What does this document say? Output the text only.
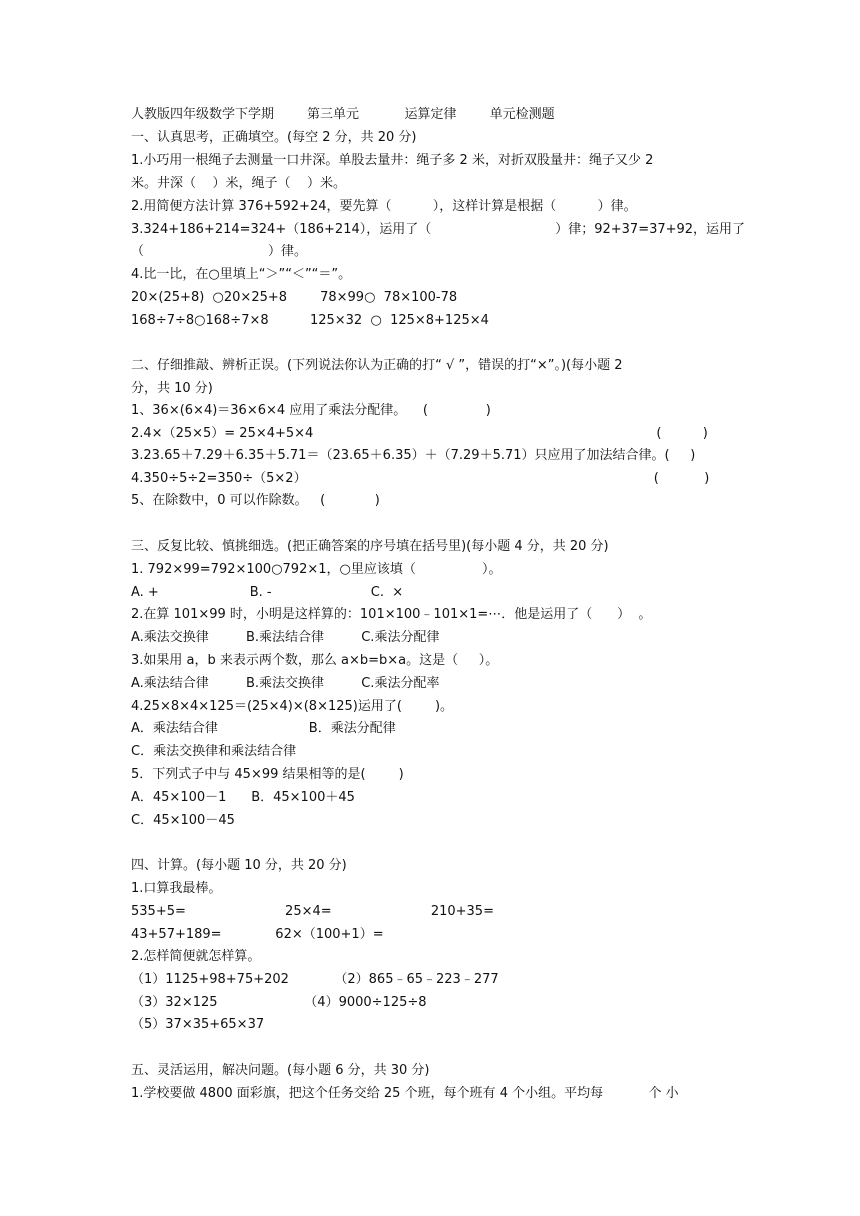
人教版四年级数学下学期        第三单元           运算定律        单元检测题
一、认真思考，正确填空。(每空 2 分，共 20 分)
1.小巧用一根绳子去测量一口井深。单股去量井：绳子多 2 米，对折双股量井：绳子又少 2
米。井深（    ）米，绳子（    ）米。
2.用简便方法计算 376+592+24，要先算（          ），这样计算是根据（          ）律。
3.324+186+214=324+（186+214），运用了（                              ）律；92+37=37+92，运用了
（                              ）律。
4.比一比，在○里填上“＞”“＜”“＝”。
20×(25+8)  ○20×25+8        78×99○  78×100-78
168÷7÷8○168÷7×8          125×32  ○  125×8+125×4
二、仔细推敲、辨析正误。(下列说法你认为正确的打“ √ ”，错误的打“×”。)(每小题 2
分，共 10 分)
1、36×(6×4)＝36×6×4 应用了乘法分配律。    (              )
2.4×（25×5）= 25×4+5×4                                                                                   (          )
3.23.65＋7.29＋6.35＋5.71＝（23.65＋6.35）＋（7.29＋5.71）只应用了加法结合律。(     )
4.350÷5÷2=350÷（5×2）                                                                                    (           )
5、在除数中，0 可以作除数。   (            )
三、反复比较、慎挑细选。(把正确答案的序号填在括号里)(每小题 4 分，共 20 分)
1. 792×99=792×100○792×1，○里应该填（                ）。
A. +                      B. -                        C.  ×
2.在算 101×99 时，小明是这样算的：101×100﹣101×1=⋯．他是运用了（      ）  。
A.乘法交换律         B.乘法结合律         C.乘法分配律
3.如果用 a，b 来表示两个数，那么 a×b=b×a。这是（     ）。
A.乘法结合律         B.乘法交换律         C.乘法分配率
4.25×8×4×125＝(25×4)×(8×125)运用了(        )。
A．乘法结合律                      B．乘法分配律
C．乘法交换律和乘法结合律
5．下列式子中与 45×99 结果相等的是(        )
A．45×100－1      B．45×100＋45
C．45×100－45
四、计算。(每小题 10 分，共 20 分)
1.口算我最棒。
535+5=                        25×4=                        210+35=
43+57+189=             62×（100+1）=
2.怎样简便就怎样算。
（1）1125+98+75+202           （2）865﹣65﹣223﹣277
（3）32×125                     （4）9000÷125÷8
（5）37×35+65×37
五、灵活运用，解决问题。(每小题 6 分，共 30 分)
1.学校要做 4800 面彩旗，把这个任务交给 25 个班，每个班有 4 个小组。平均每           个 小
